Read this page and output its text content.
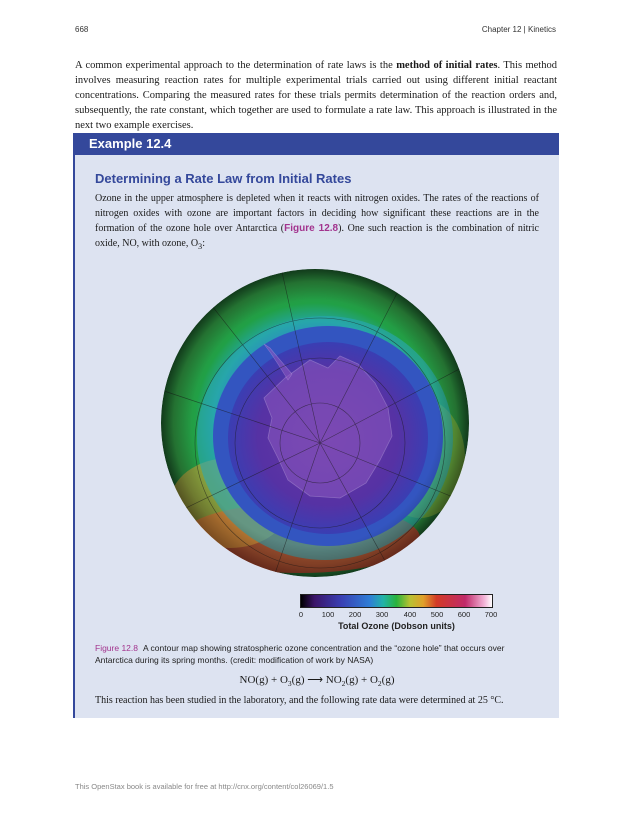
668	Chapter 12 | Kinetics
A common experimental approach to the determination of rate laws is the method of initial rates. This method involves measuring reaction rates for multiple experimental trials carried out using different initial reactant concentrations. Comparing the measured rates for these trials permits determination of the reaction orders and, subsequently, the rate constant, which together are used to formulate a rate law. This approach is illustrated in the next two example exercises.
Example 12.4
Determining a Rate Law from Initial Rates
Ozone in the upper atmosphere is depleted when it reacts with nitrogen oxides. The rates of the reactions of nitrogen oxides with ozone are important factors in deciding how significant these reactions are in the formation of the ozone hole over Antarctica (Figure 12.8). One such reaction is the combination of nitric oxide, NO, with ozone, $O_3$:
0 100 200 300 400 500 600 700
Total Ozone (Dobson units)
Figure 12.8 A contour map showing stratospheric ozone concentration and the “ozone hole” that occurs over Antarctica during its spring months. (credit: modification of work by NASA)
$NO(g) + O_3(g)$ ⟶ $NO_2(g) + O_2(g)$
This reaction has been studied in the laboratory, and the following rate data were determined at 25 °C.
This OpenStax book is available for free at http://cnx.org/content/col26069/1.5
